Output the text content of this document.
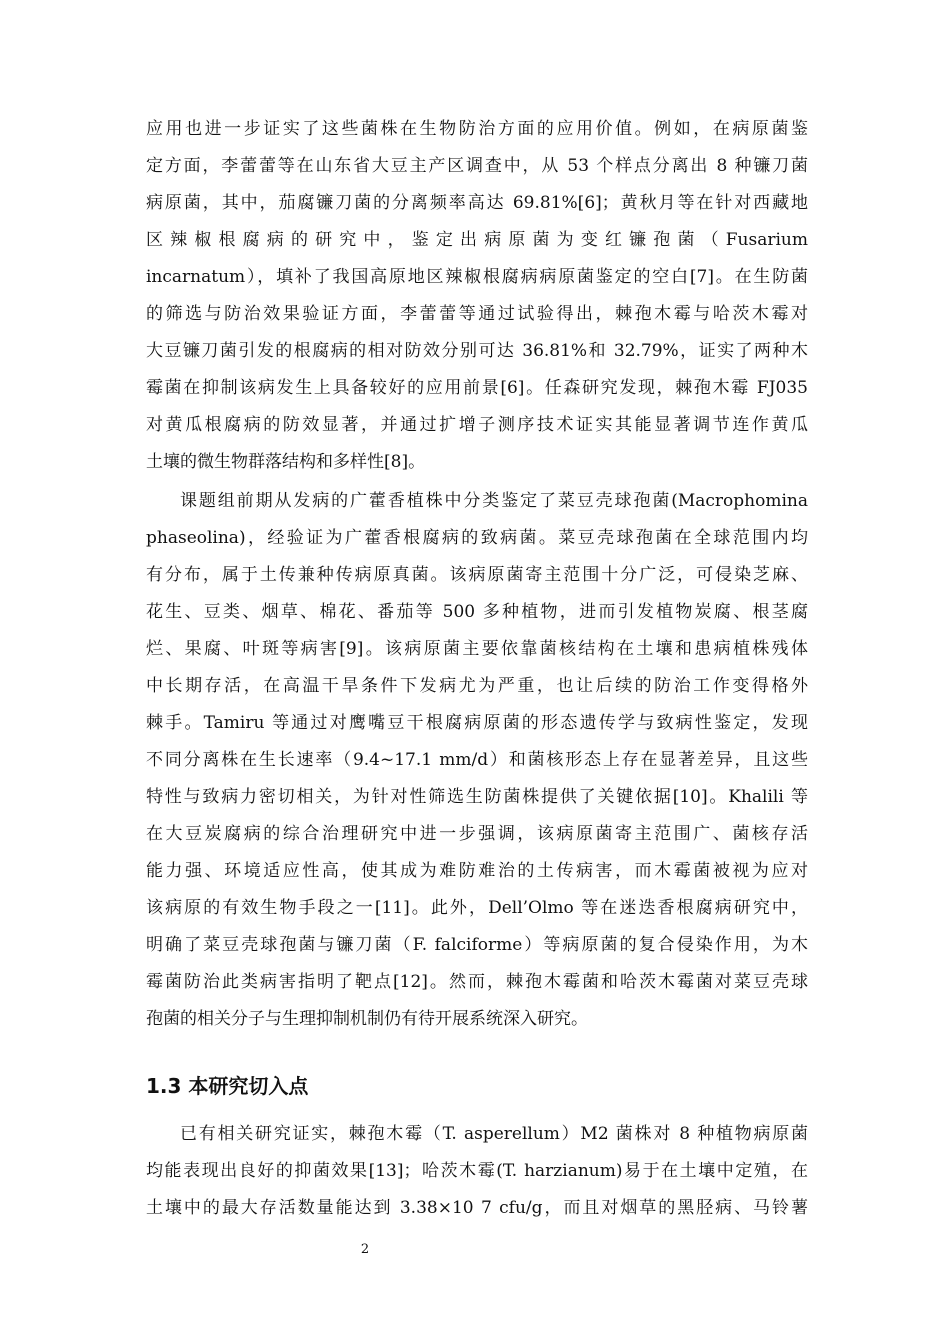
应用也进一步证实了这些菌株在生物防治方面的应用价值。例如，在病原菌鉴
定方面，李蕾蕾等在山东省大豆主产区调查中，从 53 个样点分离出 8 种镰刀菌
病原菌，其中，茄腐镰刀菌的分离频率高达 69.81%[6]；黄秋月等在针对西藏地
区 辣 椒 根 腐 病 的 研 究 中 ， 鉴 定 出 病 原 菌 为 变 红 镰 孢 菌 （ Fusarium
incarnatum），填补了我国高原地区辣椒根腐病病原菌鉴定的空白[7]。在生防菌
的筛选与防治效果验证方面，李蕾蕾等通过试验得出，棘孢木霉与哈茨木霉对
大豆镰刀菌引发的根腐病的相对防效分别可达 36.81%和 32.79%，证实了两种木
霉菌在抑制该病发生上具备较好的应用前景[6]。任森研究发现，棘孢木霉 FJ035
对黄瓜根腐病的防效显著，并通过扩增子测序技术证实其能显著调节连作黄瓜
土壤的微生物群落结构和多样性[8]。
课题组前期从发病的广藿香植株中分类鉴定了菜豆壳球孢菌(Macrophomina
phaseolina)，经验证为广藿香根腐病的致病菌。菜豆壳球孢菌在全球范围内均
有分布，属于土传兼种传病原真菌。该病原菌寄主范围十分广泛，可侵染芝麻、
花生、豆类、烟草、棉花、番茄等 500 多种植物，进而引发植物炭腐、根茎腐
烂、果腐、叶斑等病害[9]。该病原菌主要依靠菌核结构在土壤和患病植株残体
中长期存活，在高温干旱条件下发病尤为严重，也让后续的防治工作变得格外
棘手。Tamiru 等通过对鹰嘴豆干根腐病原菌的形态遗传学与致病性鉴定，发现
不同分离株在生长速率（9.4~17.1 mm/d）和菌核形态上存在显著差异，且这些
特性与致病力密切相关，为针对性筛选生防菌株提供了关键依据[10]。Khalili 等
在大豆炭腐病的综合治理研究中进一步强调，该病原菌寄主范围广、菌核存活
能力强、环境适应性高，使其成为难防难治的土传病害，而木霉菌被视为应对
该病原的有效生物手段之一[11]。此外，Dell’Olmo 等在迷迭香根腐病研究中，
明确了菜豆壳球孢菌与镰刀菌（F. falciforme）等病原菌的复合侵染作用，为木
霉菌防治此类病害指明了靶点[12]。然而，棘孢木霉菌和哈茨木霉菌对菜豆壳球
孢菌的相关分子与生理抑制机制仍有待开展系统深入研究。
1.3 本研究切入点
已有相关研究证实，棘孢木霉（T. asperellum）M2 菌株对 8 种植物病原菌
均能表现出良好的抑菌效果[13]；哈茨木霉(T. harzianum)易于在土壤中定殖，在
土壤中的最大存活数量能达到 3.38×10 7 cfu/g，而且对烟草的黑胫病、马铃薯
2
